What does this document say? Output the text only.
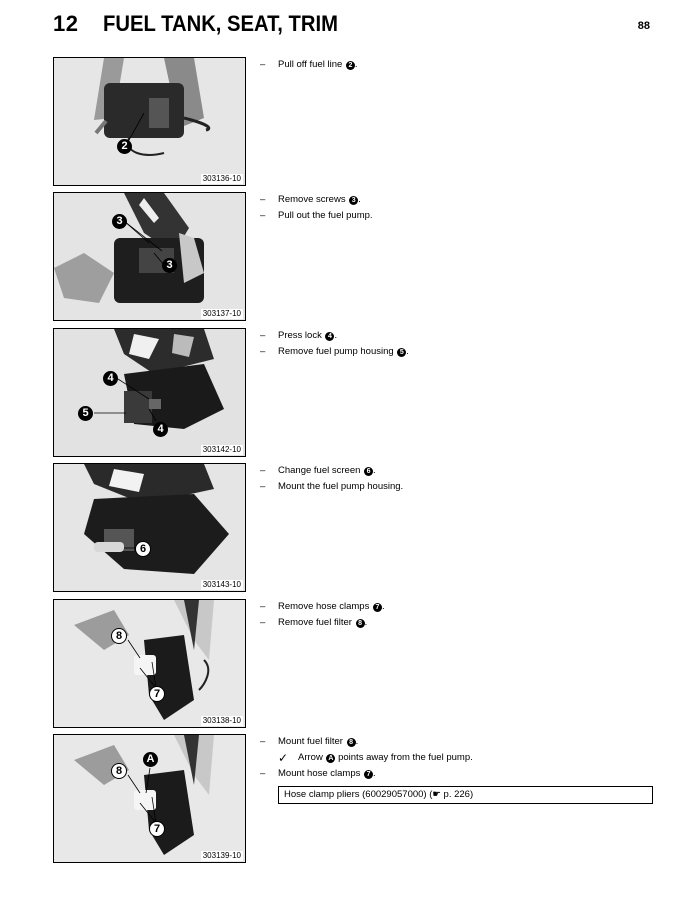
12 FUEL TANK, SEAT, TRIM	88
2
303136-10
– Pull off fuel line 2 .
3
3
303137-10
– Remove screws 3 .
– Pull out the fuel pump.
4
5
4
303142-10
– Press lock 4 .
– Remove fuel pump housing 5 .
6
303143-10
– Change fuel screen 6 .
– Mount the fuel pump housing.
8
7
303138-10
– Remove hose clamps 7 .
– Remove fuel filter 8 .
8
A
7
303139-10
– Mount fuel filter 8 .
✓ Arrow A points away from the fuel pump.
– Mount hose clamps 7 .
Hose clamp pliers (60029057000) (☛ p. 226)
